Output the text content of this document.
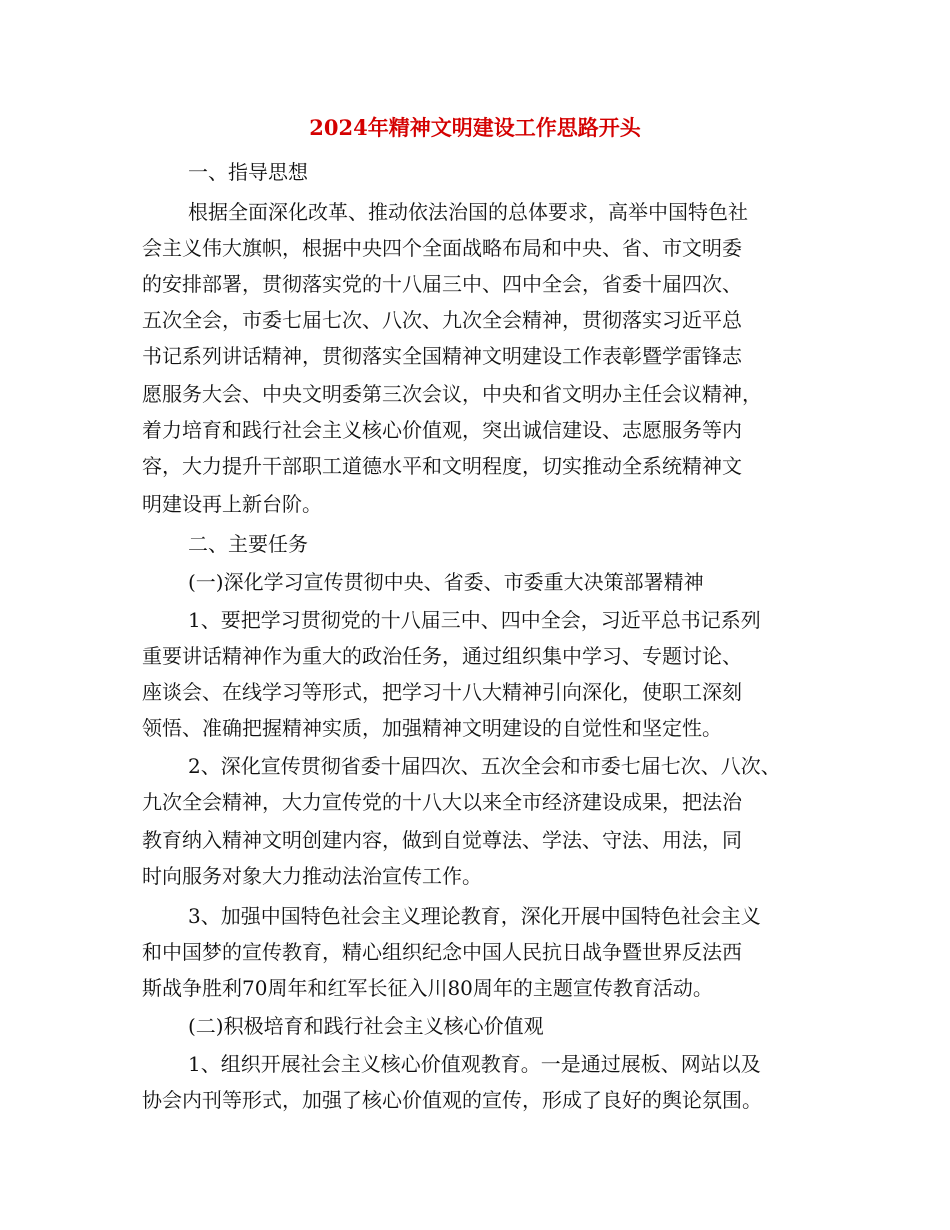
2024年精神文明建设工作思路开头

一、指导思想

根据全面深化改革、推动依法治国的总体要求，高举中国特色社

会主义伟大旗帜，根据中央四个全面战略布局和中央、省、市文明委

的安排部署，贯彻落实党的十八届三中、四中全会，省委十届四次、

五次全会，市委七届七次、八次、九次全会精神，贯彻落实习近平总

书记系列讲话精神，贯彻落实全国精神文明建设工作表彰暨学雷锋志

愿服务大会、中央文明委第三次会议，中央和省文明办主任会议精神，

着力培育和践行社会主义核心价值观，突出诚信建设、志愿服务等内

容，大力提升干部职工道德水平和文明程度，切实推动全系统精神文

明建设再上新台阶。

二、主要任务

(一)深化学习宣传贯彻中央、省委、市委重大决策部署精神

1、要把学习贯彻党的十八届三中、四中全会，习近平总书记系列

重要讲话精神作为重大的政治任务，通过组织集中学习、专题讨论、

座谈会、在线学习等形式，把学习十八大精神引向深化，使职工深刻

领悟、准确把握精神实质，加强精神文明建设的自觉性和坚定性。

2、深化宣传贯彻省委十届四次、五次全会和市委七届七次、八次、

九次全会精神，大力宣传党的十八大以来全市经济建设成果，把法治

教育纳入精神文明创建内容，做到自觉尊法、学法、守法、用法，同

时向服务对象大力推动法治宣传工作。

3、加强中国特色社会主义理论教育，深化开展中国特色社会主义

和中国梦的宣传教育，精心组织纪念中国人民抗日战争暨世界反法西

斯战争胜利70周年和红军长征入川80周年的主题宣传教育活动。

(二)积极培育和践行社会主义核心价值观

1、组织开展社会主义核心价值观教育。一是通过展板、网站以及

协会内刊等形式，加强了核心价值观的宣传，形成了良好的舆论氛围。
